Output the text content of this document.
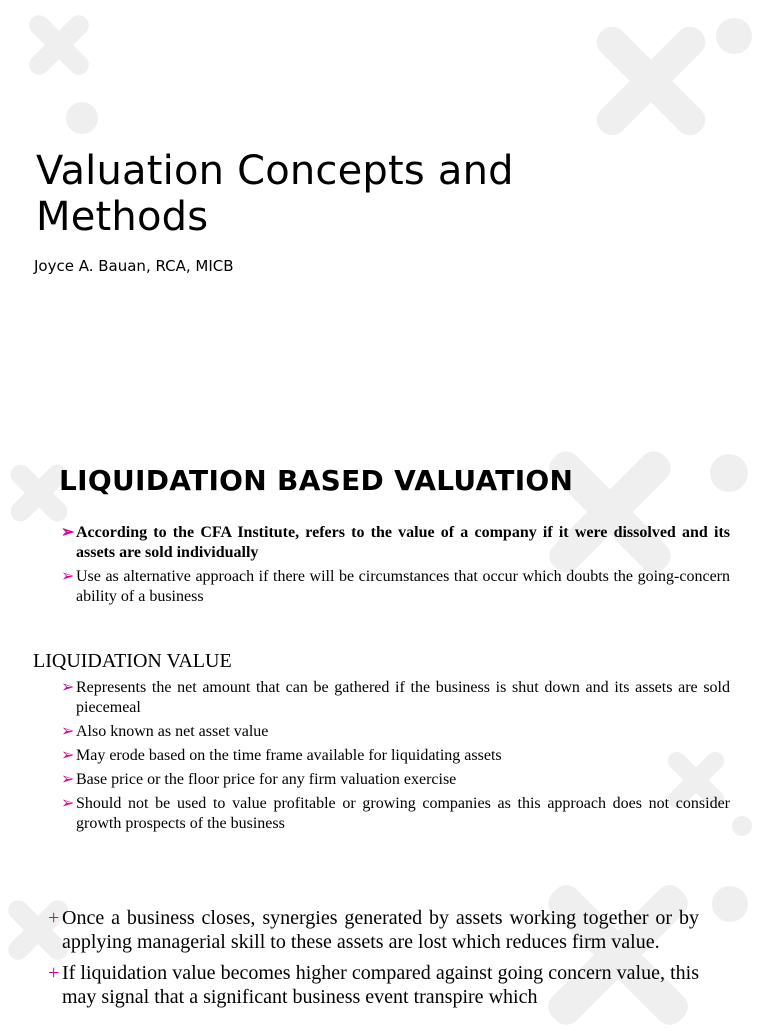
Valuation Concepts and Methods
Joyce A. Bauan, RCA, MICB
LIQUIDATION BASED VALUATION
➢ According to the CFA Institute, refers to the value of a company if it were dissolved and its assets are sold individually
➢ Use as alternative approach if there will be circumstances that occur which doubts the going-concern ability of a business
LIQUIDATION VALUE
➢ Represents the net amount that can be gathered if the business is shut down and its assets are sold piecemeal
➢ Also known as net asset value
➢ May erode based on the time frame available for liquidating assets
➢ Base price or the floor price for any firm valuation exercise
➢ Should not be used to value profitable or growing companies as this approach does not consider growth prospects of the business
+ Once a business closes, synergies generated by assets working together or by applying managerial skill to these assets are lost which reduces firm value.
+ If liquidation value becomes higher compared against going concern value, this may signal that a significant business event transpire which
